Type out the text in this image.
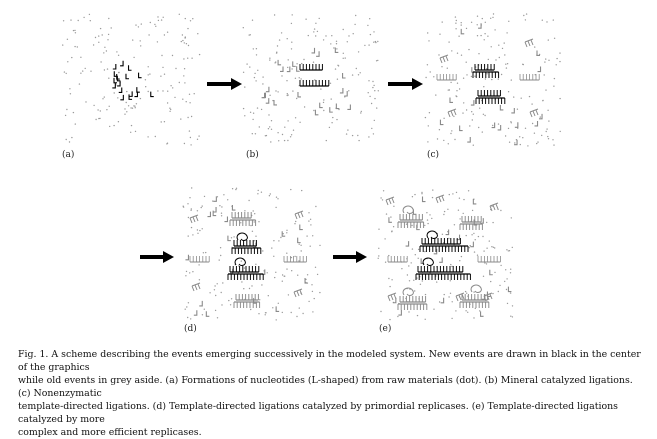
(a)	(b)	(c)
(d)	(e)

Fig. 1. A scheme describing the events emerging successively in the modeled system. New events are drawn in black in the center of the graphics
while old events in grey aside. (a) Formations of nucleotides (L-shaped) from raw materials (dot). (b) Mineral catalyzed ligations. (c) Nonenzymatic
template-directed ligations. (d) Template-directed ligations catalyzed by primordial replicases. (e) Template-directed ligations catalyzed by more
complex and more efficient replicases.
